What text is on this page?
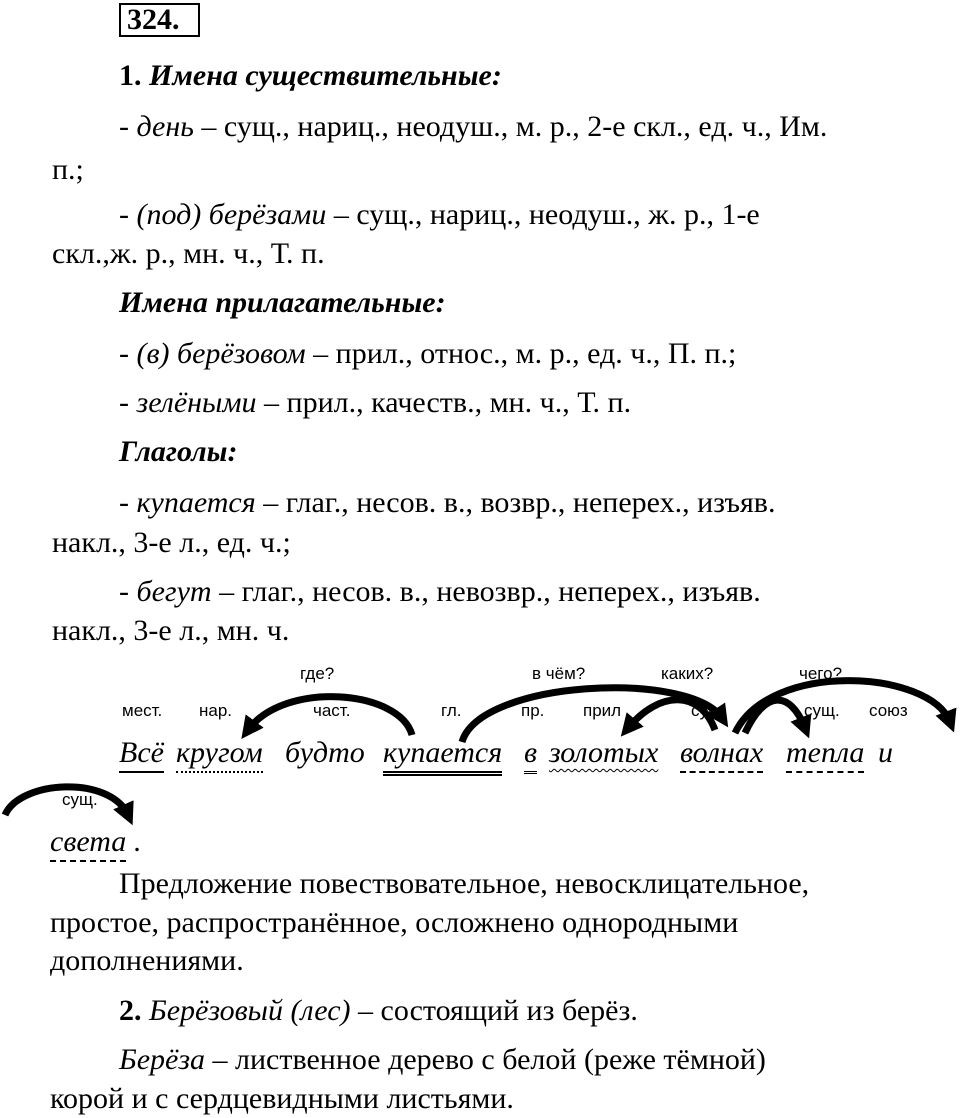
324.
1. Имена существительные:
- день – сущ., нариц., неодуш., м. р., 2-е скл., ед. ч., Им.
п.;
- (под) берёзами – сущ., нариц., неодуш., ж. р., 1-е
скл.,ж. р., мн. ч., Т. п.
Имена прилагательные:
- (в) берёзовом – прил., относ., м. р., ед. ч., П. п.;
- зелёными – прил., качеств., мн. ч., Т. п.
Глаголы:
- купается – глаг., несов. в., возвр., неперех., изъяв.
накл., 3-е л., ед. ч.;
- бегут – глаг., несов. в., невозвр., неперех., изъяв.
накл., 3-е л., мн. ч.
где?	в чём?	каких?	чего?
мест. нар.	част.	гл.	пр. прил	сущ	сущ. союз
сущ.
Всё кругом будто купается в золотых волнах тепла и
света .
Предложение повествовательное, невосклицательное,
простое, распространённое, осложнено однородными
дополнениями.
2. Берёзовый (лес) – состоящий из берёз.
Берёза – лиственное дерево с белой (реже тёмной)
корой и с сердцевидными листьями.
